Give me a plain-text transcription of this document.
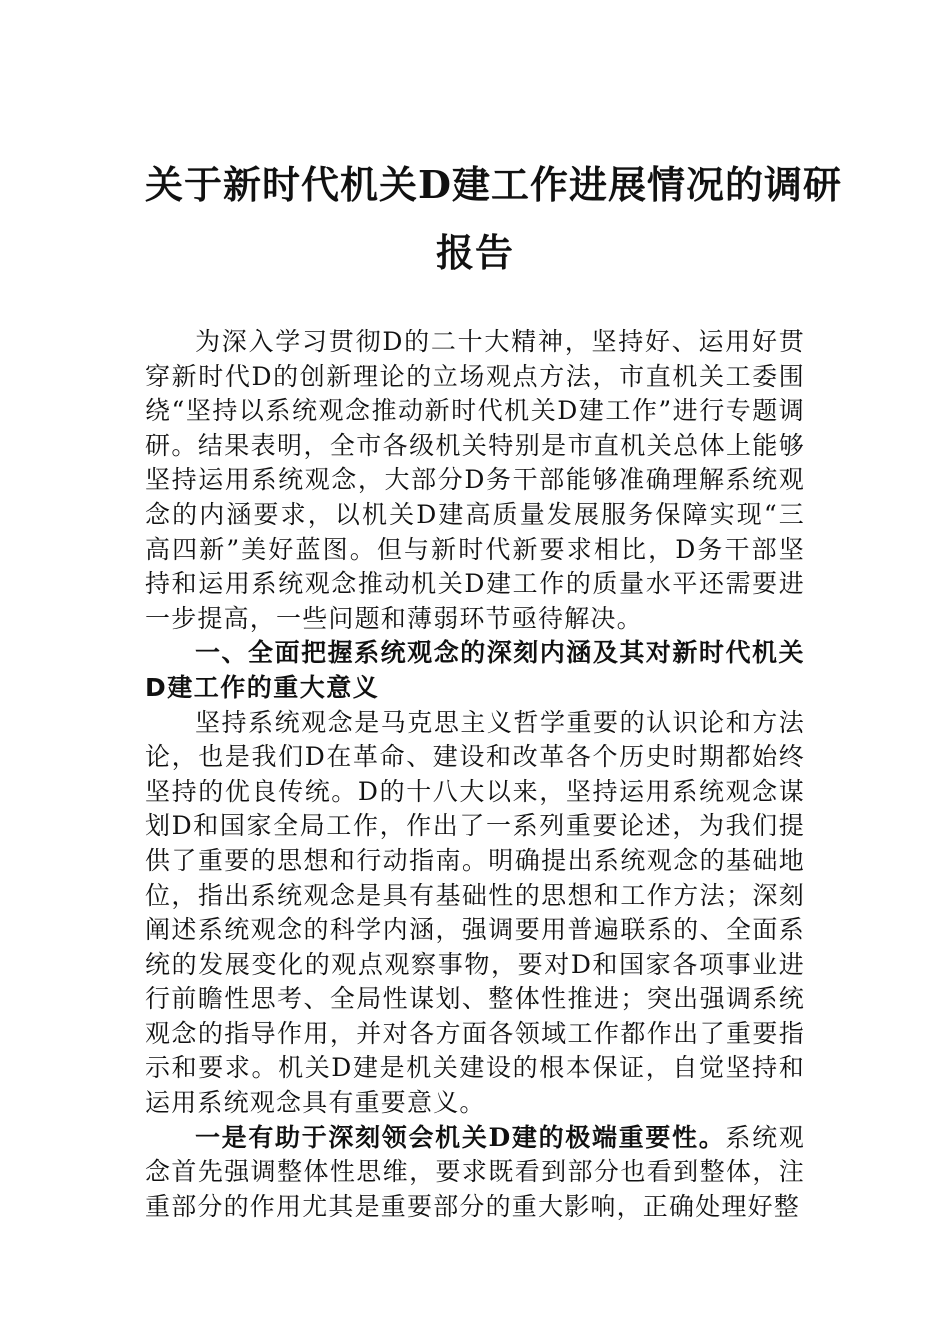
关于新时代机关D建工作进展情况的调研
报告

为深入学习贯彻D的二十大精神，坚持好、运用好贯穿新时代D的创新理论的立场观点方法，市直机关工委围绕“坚持以系统观念推动新时代机关D建工作”进行专题调研。结果表明，全市各级机关特别是市直机关总体上能够坚持运用系统观念，大部分D务干部能够准确理解系统观念的内涵要求，以机关D建高质量发展服务保障实现“三高四新”美好蓝图。但与新时代新要求相比，D务干部坚持和运用系统观念推动机关D建工作的质量水平还需要进一步提高，一些问题和薄弱环节亟待解决。

一、全面把握系统观念的深刻内涵及其对新时代机关D建工作的重大意义

坚持系统观念是马克思主义哲学重要的认识论和方法论，也是我们D在革命、建设和改革各个历史时期都始终坚持的优良传统。D的十八大以来，坚持运用系统观念谋划D和国家全局工作，作出了一系列重要论述，为我们提供了重要的思想和行动指南。明确提出系统观念的基础地位，指出系统观念是具有基础性的思想和工作方法；深刻阐述系统观念的科学内涵，强调要用普遍联系的、全面系统的发展变化的观点观察事物，要对D和国家各项事业进行前瞻性思考、全局性谋划、整体性推进；突出强调系统观念的指导作用，并对各方面各领域工作都作出了重要指示和要求。机关D建是机关建设的根本保证，自觉坚持和运用系统观念具有重要意义。

一是有助于深刻领会机关D建的极端重要性。系统观念首先强调整体性思维，要求既看到部分也看到整体，注重部分的作用尤其是重要部分的重大影响，正确处理好整
